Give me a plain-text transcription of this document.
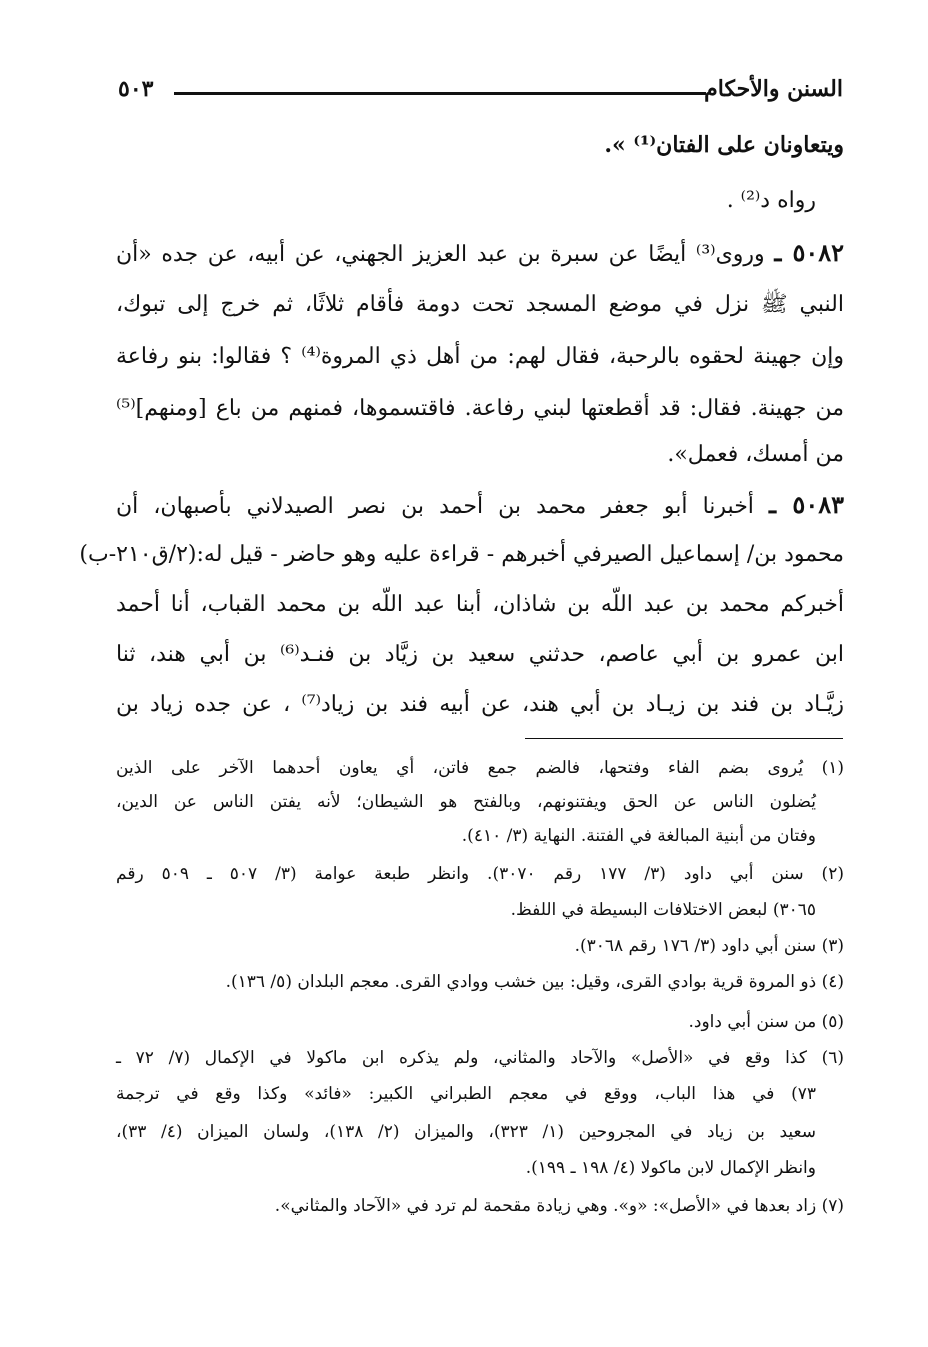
٥٠٣	السنن والأحكام
ويتعاونان على الفتان⁽¹⁾ ».
رواه د⁽²⁾ .
٥٠٨٢ ـ وروى⁽³⁾ أيضًا عن سبرة بن عبد العزيز الجهني، عن أبيه، عن جده «أن
النبي ﷺ نزل في موضع المسجد تحت دومة فأقام ثلاثًا، ثم خرج إلى تبوك،
وإن جهينة لحقوه بالرحبة، فقال لهم: من أهل ذي المروة⁽⁴⁾ ؟ فقالوا: بنو رفاعة
من جهينة. فقال: قد أقطعتها لبني رفاعة. فاقتسموها، فمنهم من باع [ومنهم]⁽⁵⁾
من أمسك، فعمل».
٥٠٨٣ ـ أخبرنا أبو جعفر محمد بن أحمد بن نصر الصيدلاني بأصبهان، أن
محمود بن/ إسماعيل الصيرفي أخبرهم - قراءة عليه وهو حاضر - قيل له:(٢/ق٢١٠-ب)
أخبركم محمد بن عبد اللّه بن شاذان، أبنا عبد اللّه بن محمد القباب، أنا أحمد
ابن عمرو بن أبي عاصم، حدثني سعيد بن زيَّاد بن فنـد⁽⁶⁾ بن أبي هند، ثنا
زيَّـاد بن فند بن زيـاد بن أبي هند، عن أبيه فند بن زياد⁽⁷⁾ ، عن جده زياد بن
(١) يُروى بضم الفاء وفتحها، فالضم جمع فاتن، أي يعاون أحدهما الآخر على الذين
يُضلون الناس عن الحق ويفتنونهم، وبالفتح هو الشيطان؛ لأنه يفتن الناس عن الدين،
وفتان من أبنية المبالغة في الفتنة. النهاية (٣/ ٤١٠).
(٢) سنن أبي داود (٣/ ١٧٧ رقم ٣٠٧٠). وانظر طبعة عوامة (٣/ ٥٠٧ ـ ٥٠٩ رقم
٣٠٦٥) لبعض الاختلافات البسيطة في اللفظ.
(٣) سنن أبي داود (٣/ ١٧٦ رقم ٣٠٦٨).
(٤) ذو المروة قرية بوادي القرى، وقيل: بين خشب ووادي القرى. معجم البلدان (٥/ ١٣٦).
(٥) من سنن أبي داود.
(٦) كذا وقع في «الأصل» والآحاد والمثاني، ولم يذكره ابن ماكولا في الإكمال (٧/ ٧٢ ـ
٧٣) في هذا الباب، ووقع في معجم الطبراني الكبير: «فائد» وكذا وقع في ترجمة
سعيد بن زياد في المجروحين (١/ ٣٢٣)، والميزان (٢/ ١٣٨)، ولسان الميزان (٤/ ٣٣)،
وانظر الإكمال لابن ماكولا (٤/ ١٩٨ ـ ١٩٩).
(٧) زاد بعدها في «الأصل»: «و». وهي زيادة مقحمة لم ترد في «الآحاد والمثاني».
